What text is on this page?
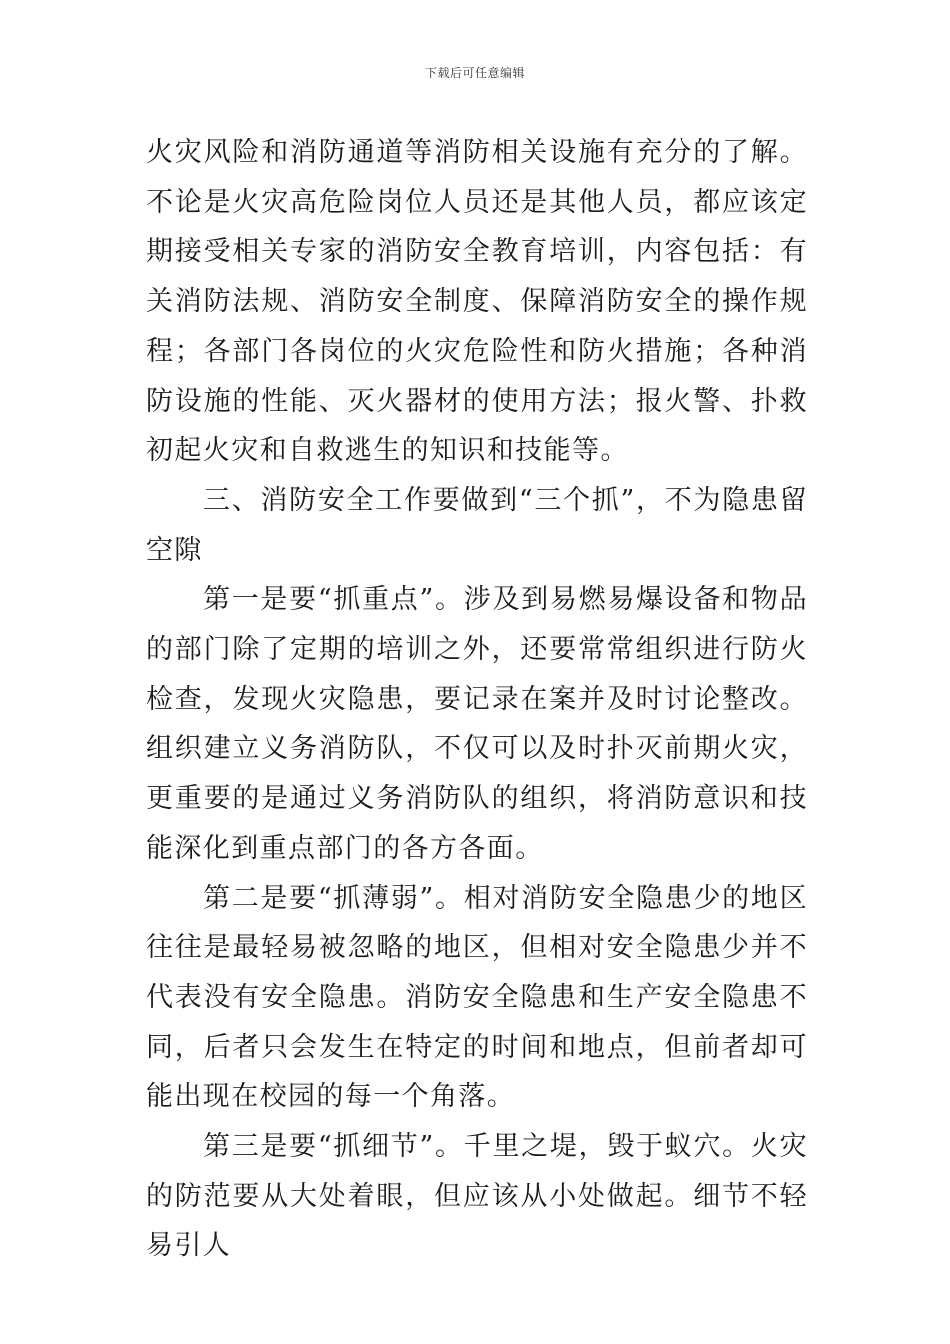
下载后可任意编辑

火灾风险和消防通道等消防相关设施有充分的了解。不论是火灾高危险岗位人员还是其他人员，都应该定期接受相关专家的消防安全教育培训，内容包括：有关消防法规、消防安全制度、保障消防安全的操作规程；各部门各岗位的火灾危险性和防火措施；各种消防设施的性能、灭火器材的使用方法；报火警、扑救初起火灾和自救逃生的知识和技能等。

三、消防安全工作要做到“三个抓”，不为隐患留空隙

第一是要“抓重点”。涉及到易燃易爆设备和物品的部门除了定期的培训之外，还要常常组织进行防火检查，发现火灾隐患，要记录在案并及时讨论整改。组织建立义务消防队，不仅可以及时扑灭前期火灾，更重要的是通过义务消防队的组织，将消防意识和技能深化到重点部门的各方各面。

第二是要“抓薄弱”。相对消防安全隐患少的地区往往是最轻易被忽略的地区，但相对安全隐患少并不代表没有安全隐患。消防安全隐患和生产安全隐患不同，后者只会发生在特定的时间和地点，但前者却可能出现在校园的每一个角落。

第三是要“抓细节”。千里之堤，毁于蚁穴。火灾的防范要从大处着眼，但应该从小处做起。细节不轻易引人
